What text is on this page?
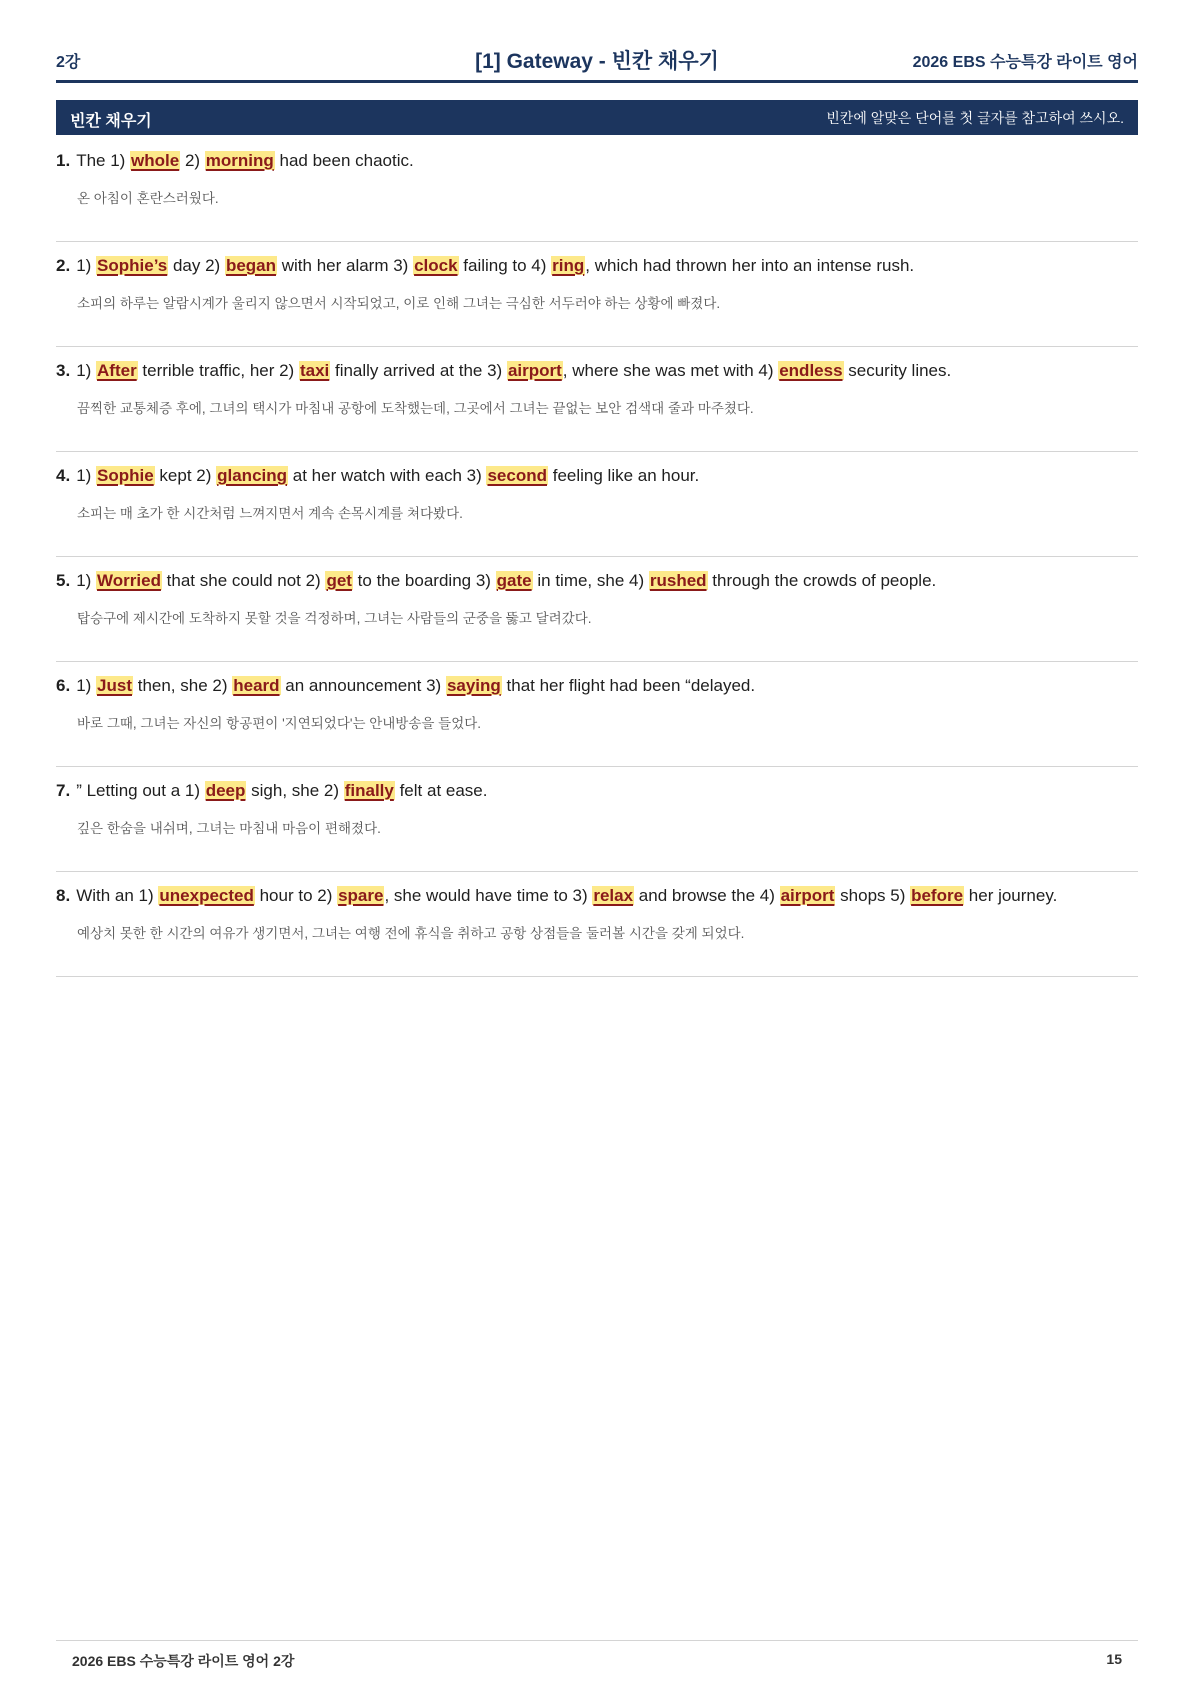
2강	[1] Gateway - 빈칸 채우기	2026 EBS 수능특강 라이트 영어
빈칸 채우기	빈칸에 알맞은 단어를 첫 글자를 참고하여 쓰시오.
1. The 1) whole 2) morning had been chaotic.
온 아침이 혼란스러웠다.
2. 1) Sophie’s day 2) began with her alarm 3) clock failing to 4) ring, which had thrown her into an intense rush.
소피의 하루는 알람시계가 울리지 않으면서 시작되었고, 이로 인해 그녀는 극심한 서두러야 하는 상황에 빠졌다.
3. 1) After terrible traffic, her 2) taxi finally arrived at the 3) airport, where she was met with 4) endless security lines.
끔찍한 교통체증 후에, 그녀의 택시가 마침내 공항에 도착했는데, 그곳에서 그녀는 끝없는 보안 검색대 줄과 마주쳤다.
4. 1) Sophie kept 2) glancing at her watch with each 3) second feeling like an hour.
소피는 매 초가 한 시간처럼 느껴지면서 계속 손목시계를 쳐다봤다.
5. 1) Worried that she could not 2) get to the boarding 3) gate in time, she 4) rushed through the crowds of people.
탑승구에 제시간에 도착하지 못할 것을 걱정하며, 그녀는 사람들의 군중을 뚫고 달려갔다.
6. 1) Just then, she 2) heard an announcement 3) saying that her flight had been “delayed.
바로 그때, 그녀는 자신의 항공편이 '지연되었다'는 안내방송을 들었다.
7. ” Letting out a 1) deep sigh, she 2) finally felt at ease.
깊은 한숨을 내쉬며, 그녀는 마침내 마음이 편해졌다.
8. With an 1) unexpected hour to 2) spare, she would have time to 3) relax and browse the 4) airport shops 5) before her journey.
예상치 못한 한 시간의 여유가 생기면서, 그녀는 여행 전에 휴식을 취하고 공항 상점들을 둘러볼 시간을 갖게 되었다.
2026 EBS 수능특강 라이트 영어 2강	15
